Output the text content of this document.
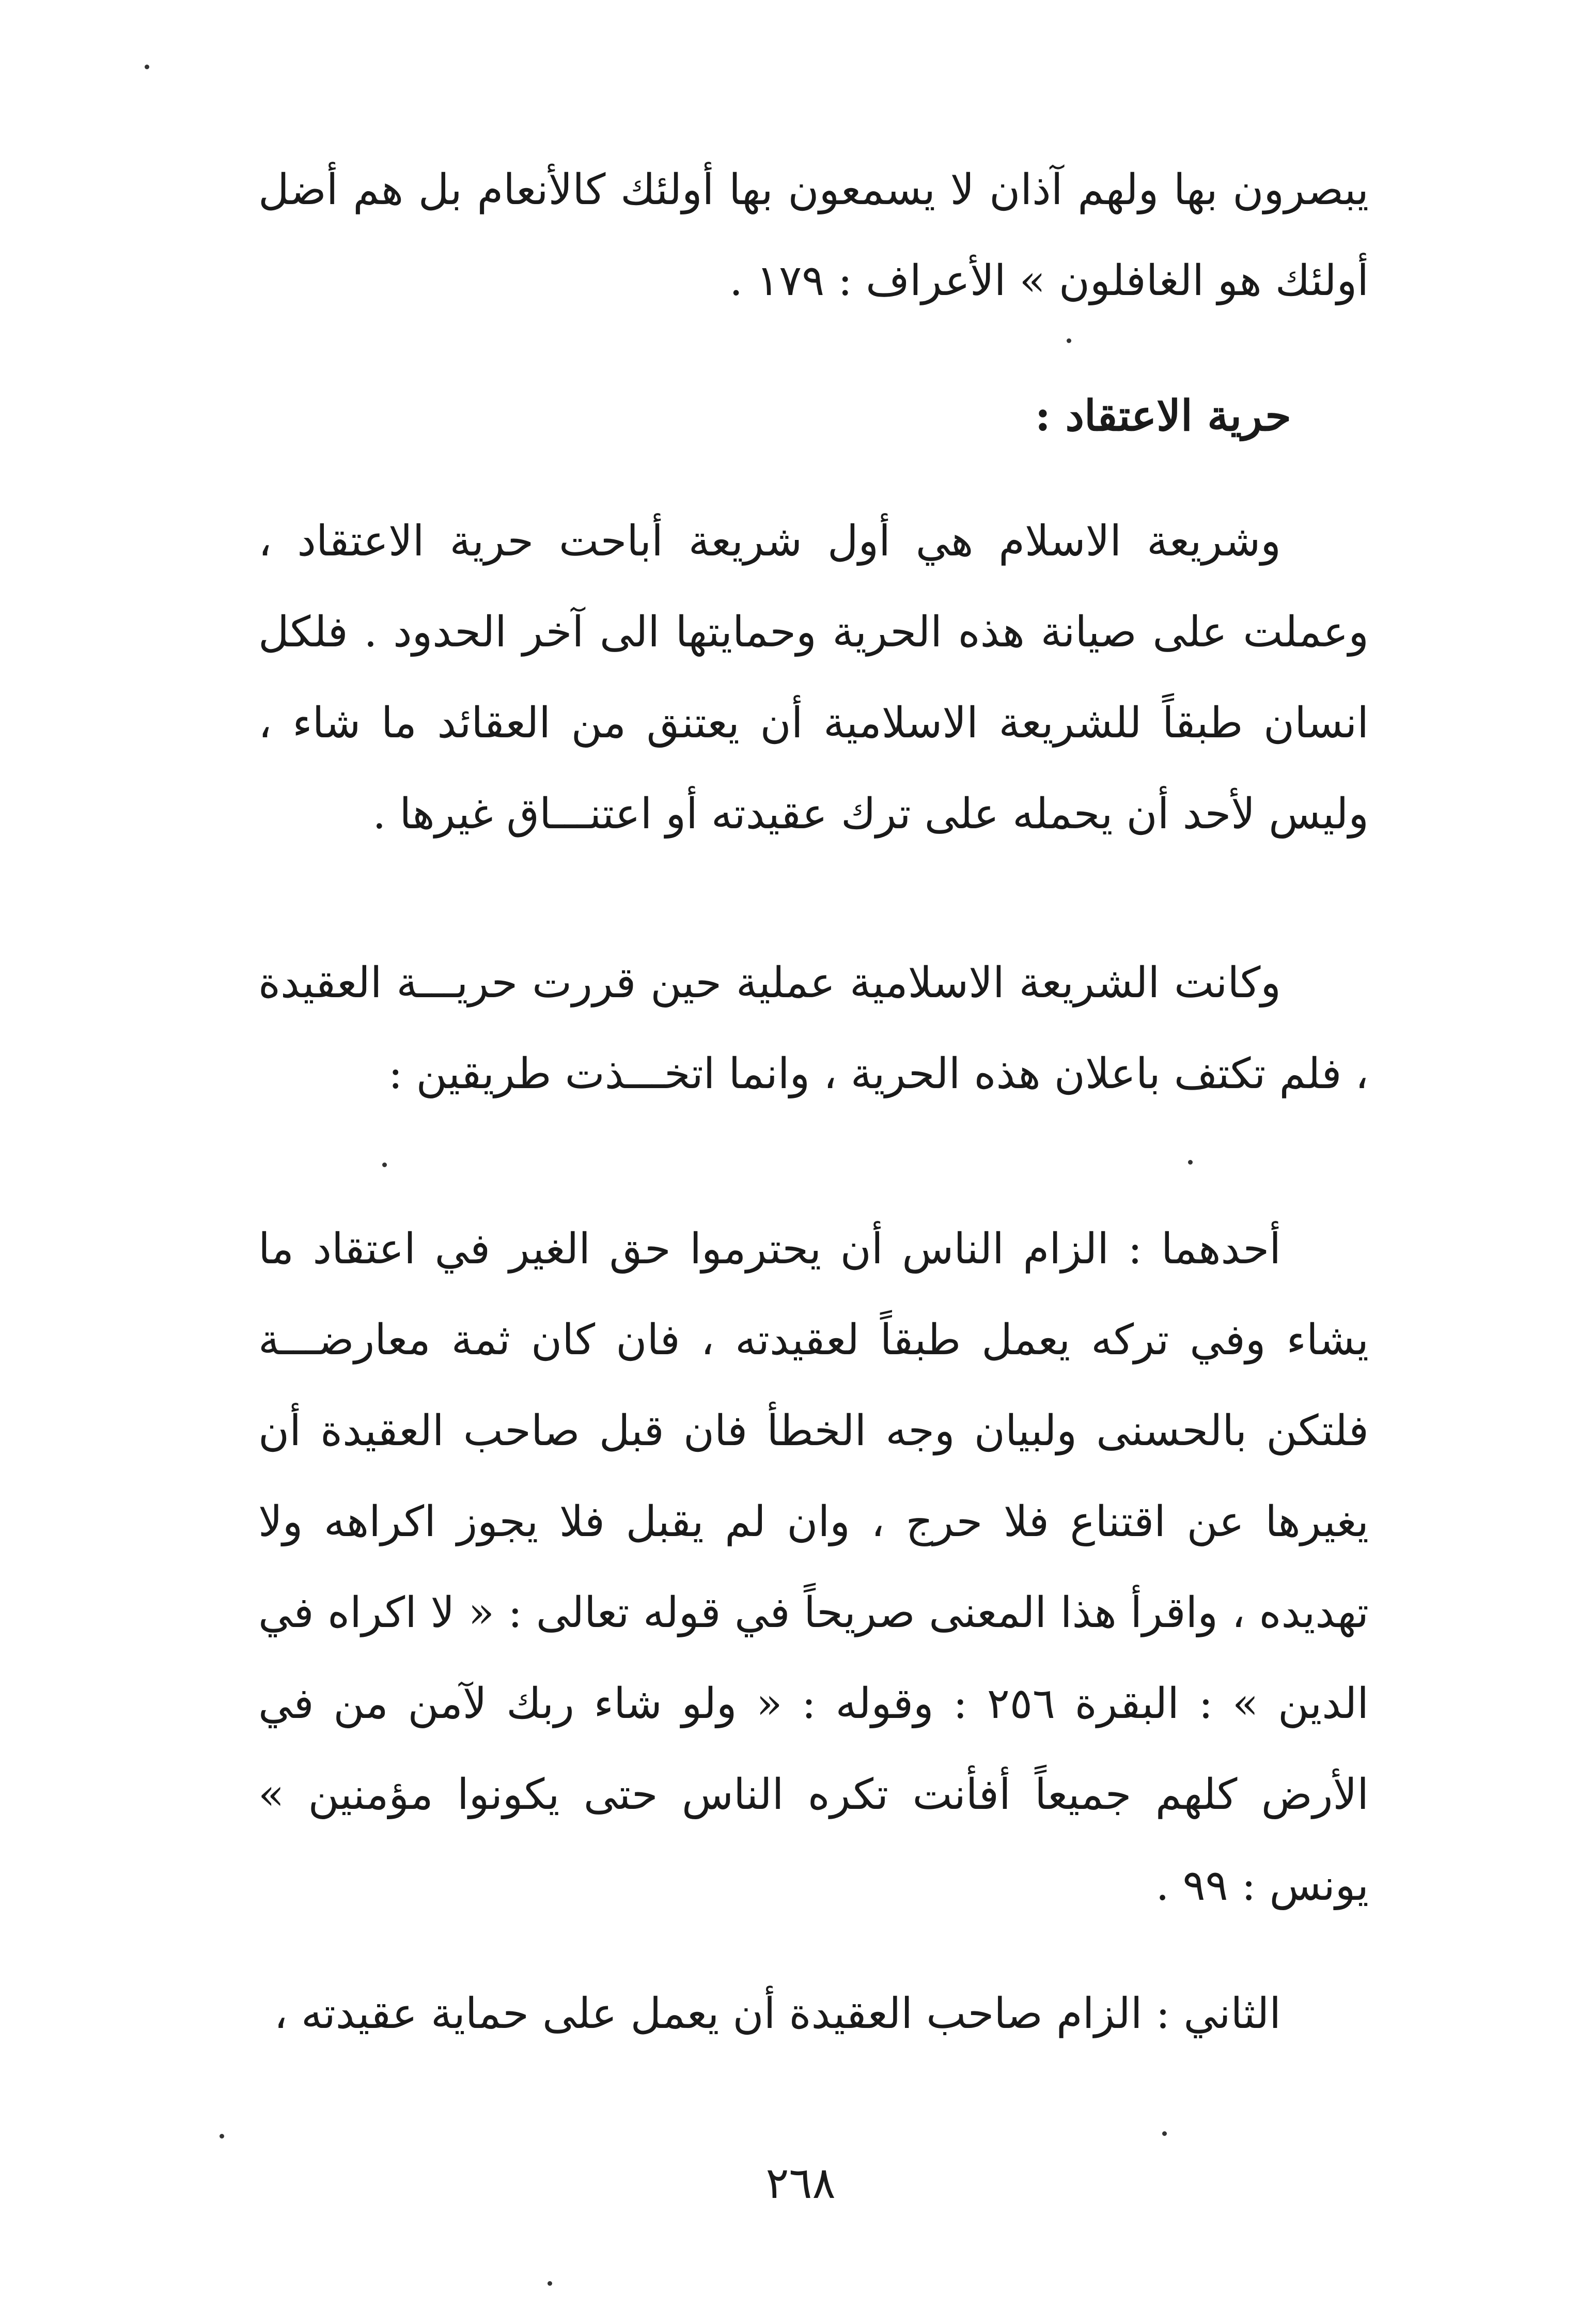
يبصرون بها ولهم آذان لا يسمعون بها أولئك كالأنعام بل هم أضل أولئك هو الغافلون » الأعراف : ١٧٩ .

حرية الاعتقاد :

وشريعة الاسلام هي أول شريعة أباحت حرية الاعتقاد ، وعملت على صيانة هذه الحرية وحمايتها الى آخر الحدود . فلكل انسان طبقاً للشريعة الاسلامية أن يعتنق من العقائد ما شاء ، وليس لأحد أن يحمله على ترك عقيدته أو اعتنـــاق غيرها .

وكانت الشريعة الاسلامية عملية حين قررت حريـــة العقيدة ، فلم تكتف باعلان هذه الحرية ، وانما اتخـــذت طريقين :

أحدهما : الزام الناس أن يحترموا حق الغير في اعتقاد ما يشاء وفي تركه يعمل طبقاً لعقيدته ، فان كان ثمة معارضـــة فلتكن بالحسنى ولبيان وجه الخطأ فان قبل صاحب العقيدة أن يغيرها عن اقتناع فلا حرج ، وان لم يقبل فلا يجوز اكراهه ولا تهديده ، واقرأ هذا المعنى صريحاً في قوله تعالى : « لا اكراه في الدين » : البقرة ٢٥٦ : وقوله : « ولو شاء ربك لآمن من في الأرض كلهم جميعاً أفأنت تكره الناس حتى يكونوا مؤمنين » يونس : ٩٩ .

الثاني : الزام صاحب العقيدة أن يعمل على حماية عقيدته ،

٢٦٨
